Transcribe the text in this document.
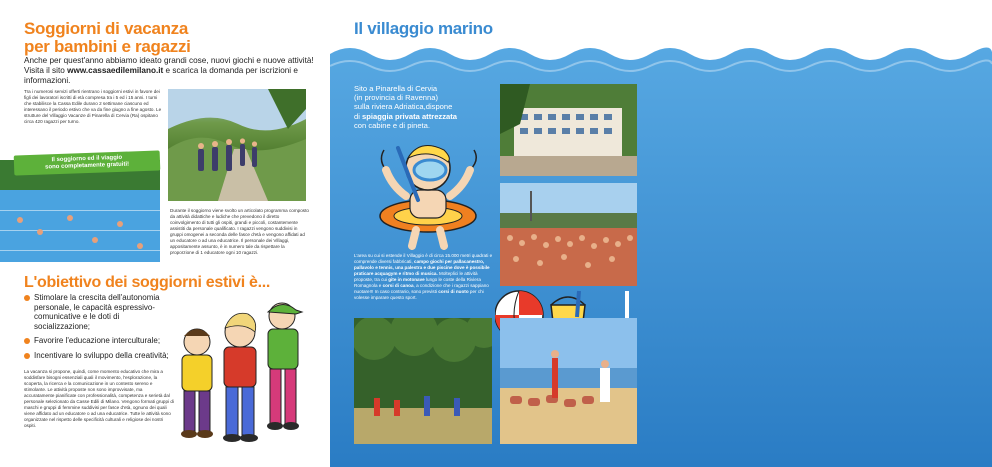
Soggiorni di vacanza
per bambini e ragazzi
Anche per quest'anno abbiamo ideato grandi cose, nuovi giochi e nuove attività! Visita il sito www.cassaedilemilano.it e scarica la domanda per iscrizioni e informazioni.
Tra i numerosi servizi offerti rientrano i soggiorni estivi in favore dei figli dei lavoratori iscritti di età compresa tra i 5 ed i 15 anni. I turni che stabilisce la Cassa Edile durano 2 settimane ciascuno ed interessano il periodo estivo che va da fine giugno a fine agosto. Le strutture del Villaggio Vacanze di Pinarella di Cervia (Ra) ospitano circa 420 ragazzi per turno.
Il soggiorno ed il viaggio
sono completamente gratuiti!
Durante il soggiorno viene svolto un articolato programma composto da attività didattiche e ludiche che prevedono il diretto coinvolgimento di tutti gli ospiti, grandi e piccoli, costantemente assistiti da personale qualificato. I ragazzi vengono suddivisi in gruppi omogenei a seconda delle fasce d'età e vengono affidati ad un educatore o ad una educatrice. Il personale dei Villaggi, appositamente assunto, è in numero tale da rispettare la proporzione di 1 educatore ogni 10 ragazzi.
L'obiettivo dei soggiorni estivi è...
Stimolare la crescita dell'autonomia personale, le capacità espressivo-comunicative e le doti di socializzazione;
Favorire l'educazione interculturale;
Incentivare lo sviluppo della creatività;
La vacanza si propone, quindi, come momento educativo che mira a soddisfare bisogni essenziali quali il movimento, l'esplorazione, la scoperta, la ricerca e la comunicazione in un contesto sereno e stimolante. Le attività proposte non sono improvvisate, ma accuratamente pianificate con professionalità, competenza e serietà dal personale selezionato da Casse Edili di Milano. Vengono formati gruppi di maschi e gruppi di femmine suddivisi per fasce d'età, ognuno dei quali viene affidato ad un educatore o ad una educatrice. Tutte le attività sono organizzate nel rispetto delle specificità culturali e religiose dei nostri ospiti.
Il villaggio marino
Sito a Pinarella di Cervia
(in provincia di Ravenna)
sulla riviera Adriatica,dispone
di spiaggia privata attrezzata
con cabine e di pineta.
L'area su cui si estende il Villaggio è di circa 15.000 metri quadrati e comprende diversi fabbricati, campo giochi per pallacanestro, pallavolo e tennis, una palestra e due piscine dove è possibile praticare acquagym e ritmo di musica. Molteplici le attività proposte, tra cui gite in motonave lungo le coste della Riviera Romagnola e corsi di canoa, a condizione che i ragazzi sappiano nuotare!!! In caso contrario, sono previsti corsi di nuoto per chi volesse imparare questo sport.
